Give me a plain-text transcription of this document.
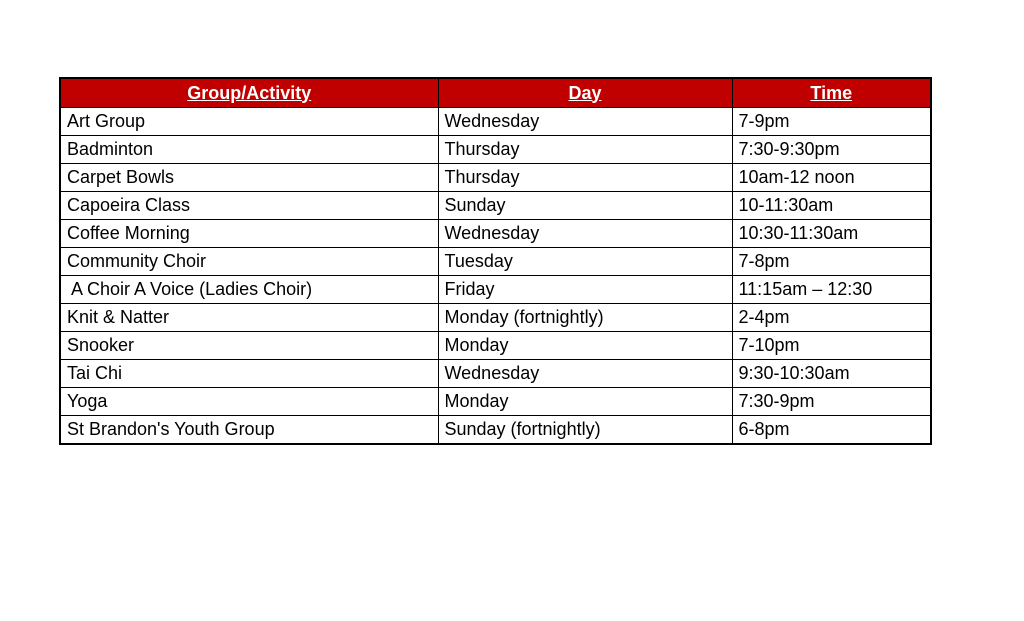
Group/Activity	Day	Time
Art Group	Wednesday	7-9pm
Badminton	Thursday	7:30-9:30pm
Carpet Bowls	Thursday	10am-12 noon
Capoeira Class	Sunday	10-11:30am
Coffee Morning	Wednesday	10:30-11:30am
Community Choir	Tuesday	7-8pm
A Choir A Voice (Ladies Choir)	Friday	11:15am – 12:30
Knit & Natter	Monday (fortnightly)	2-4pm
Snooker	Monday	7-10pm
Tai Chi	Wednesday	9:30-10:30am
Yoga	Monday	7:30-9pm
St Brandon's Youth Group	Sunday (fortnightly)	6-8pm
